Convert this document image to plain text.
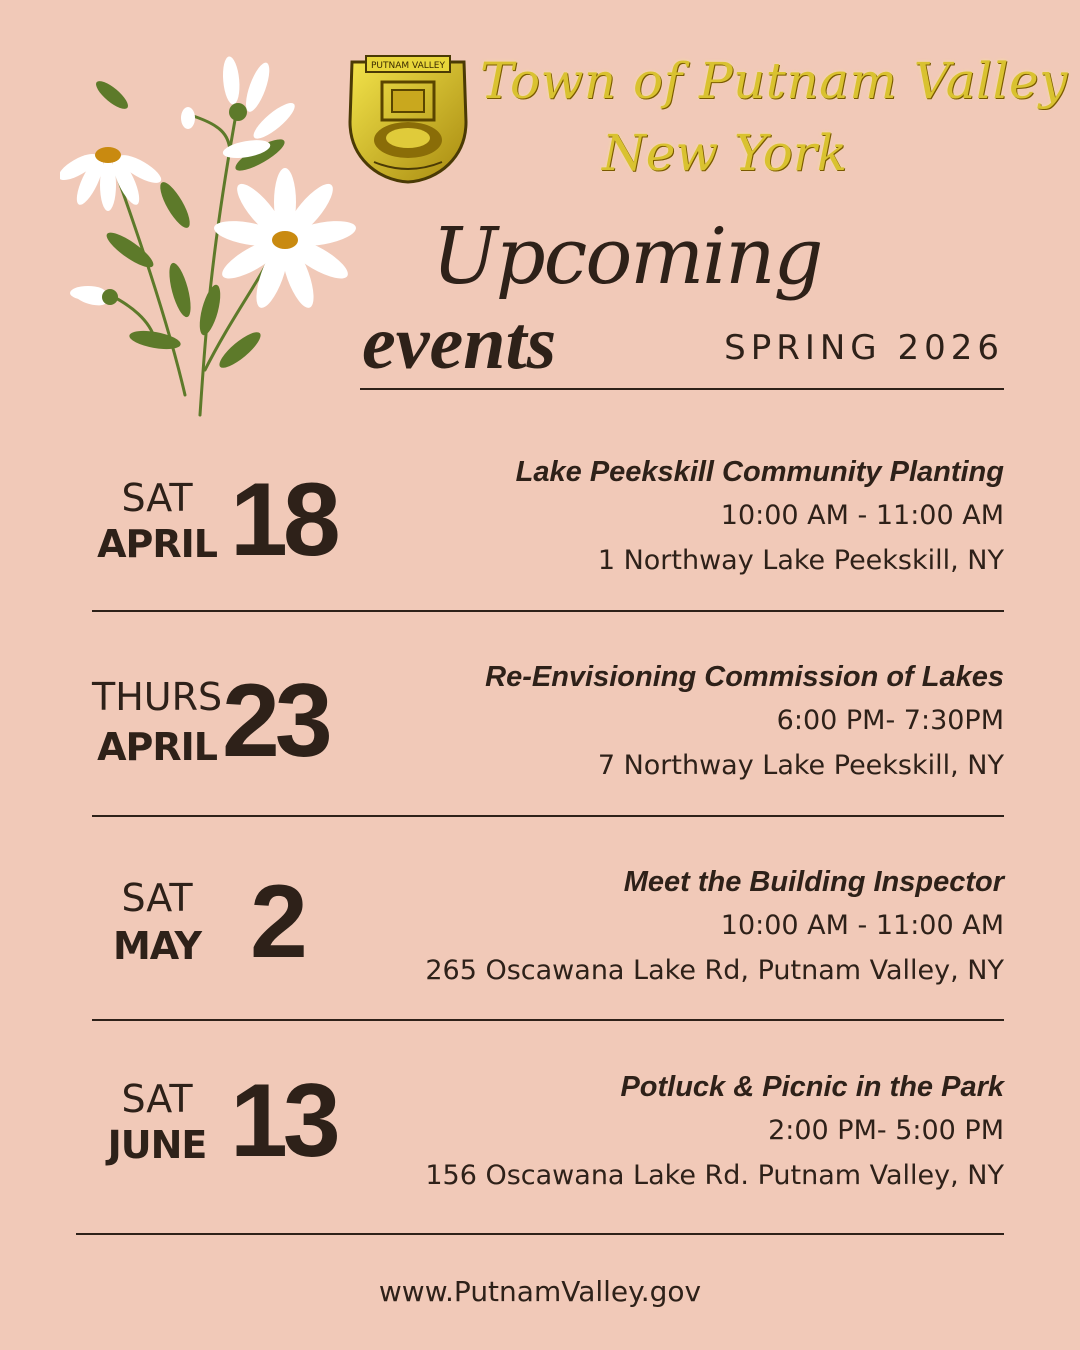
PUTNAM VALLEY Town of Putnam Valley
New York
Upcoming
events	SPRING 2026
SAT
APRIL 18	Lake Peekskill Community Planting
10:00 AM - 11:00 AM
1 Northway Lake Peekskill, NY
THURS
APRIL 23	Re-Envisioning Commission of Lakes
6:00 PM- 7:30PM
7 Northway Lake Peekskill, NY
SAT
MAY 2	Meet the Building Inspector
10:00 AM - 11:00 AM
265 Oscawana Lake Rd, Putnam Valley, NY
SAT
JUNE 13	Potluck & Picnic in the Park
2:00 PM- 5:00 PM
156 Oscawana Lake Rd. Putnam Valley, NY
www.PutnamValley.gov
